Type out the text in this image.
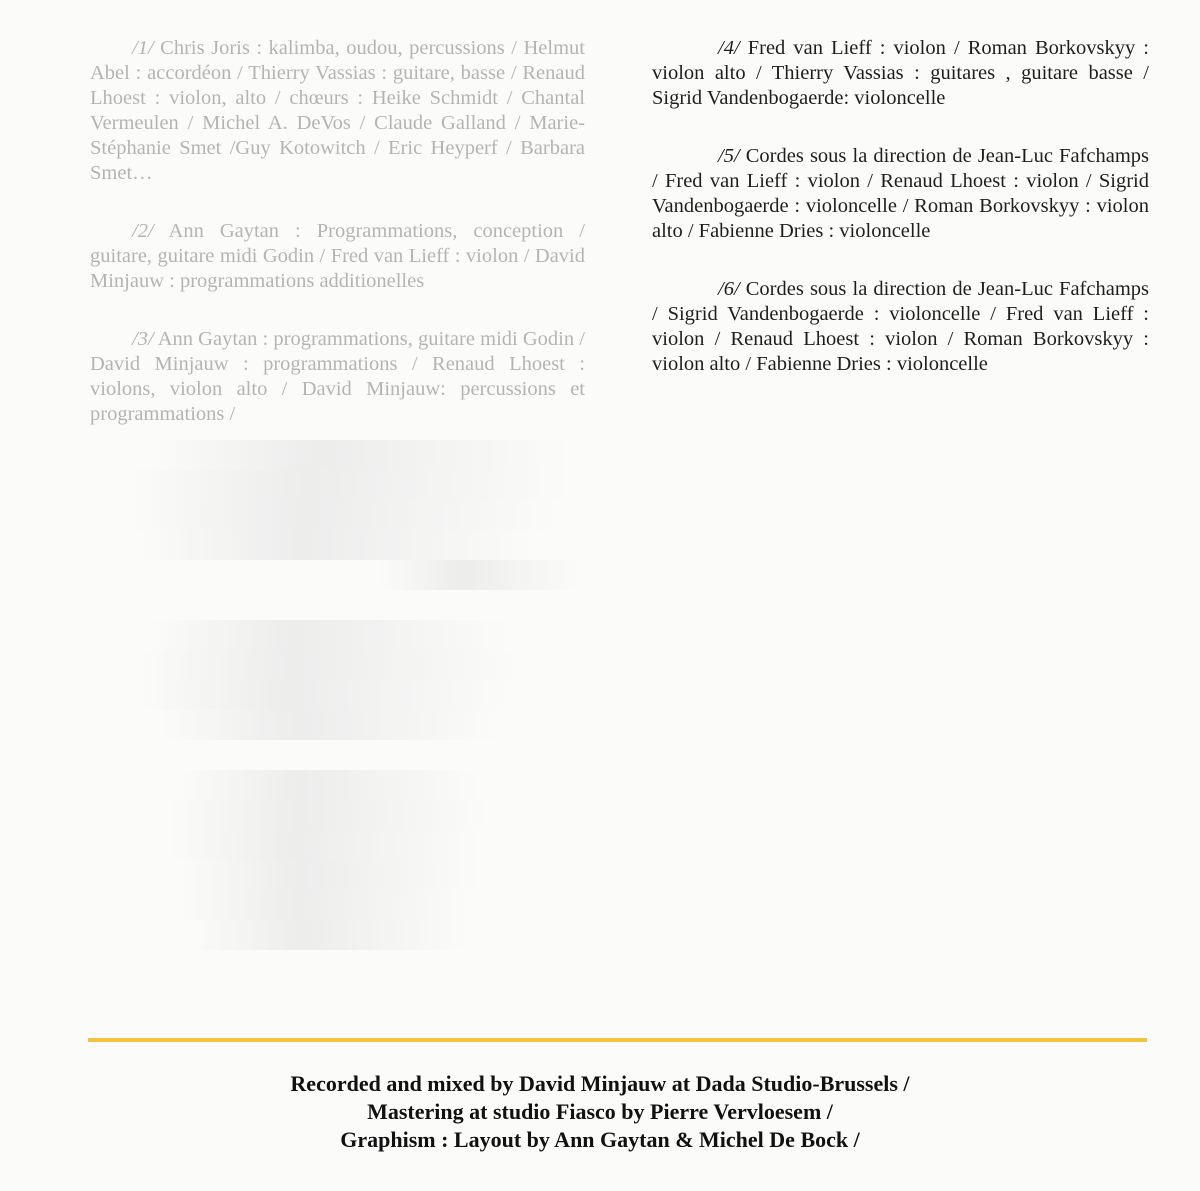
/1/ Chris Joris : kalimba, oudou, percussions / Helmut Abel : accordéon / Thierry Vassias : guitare, basse / Renaud Lhoest : violon, alto / chœurs : Heike Schmidt / Chantal Vermeulen / Michel A. DeVos / Claude Galland / Marie-Stéphanie Smet /Guy Kotowitch / Eric Heyperf / Barbara Smet…

/2/ Ann Gaytan : Programmations, conception / guitare, guitare midi Godin / Fred van Lieff : violon / David Minjauw : programmations additionelles

/3/ Ann Gaytan : programmations, guitare midi Godin / David Minjauw : programmations / Renaud Lhoest : violons, violon alto / David Minjauw: percussions et programmations /

/4/ Fred van Lieff : violon / Roman Borkovskyy : violon alto / Thierry Vassias : guitares , guitare basse / Sigrid Vandenbogaerde: violoncelle

/5/ Cordes sous la direction de Jean-Luc Fafchamps / Fred van Lieff : violon / Renaud Lhoest : violon / Sigrid Vandenbogaerde : violoncelle / Roman Borkovskyy : violon alto / Fabienne Dries : violoncelle

/6/ Cordes sous la direction de Jean-Luc Fafchamps / Sigrid Vandenbogaerde : violoncelle / Fred van Lieff : violon / Renaud Lhoest : violon / Roman Borkovskyy : violon alto / Fabienne Dries : violoncelle

Recorded and mixed by David Minjauw at Dada Studio-Brussels /
Mastering at studio Fiasco by Pierre Vervloesem /
Graphism : Layout by Ann Gaytan & Michel De Bock /
